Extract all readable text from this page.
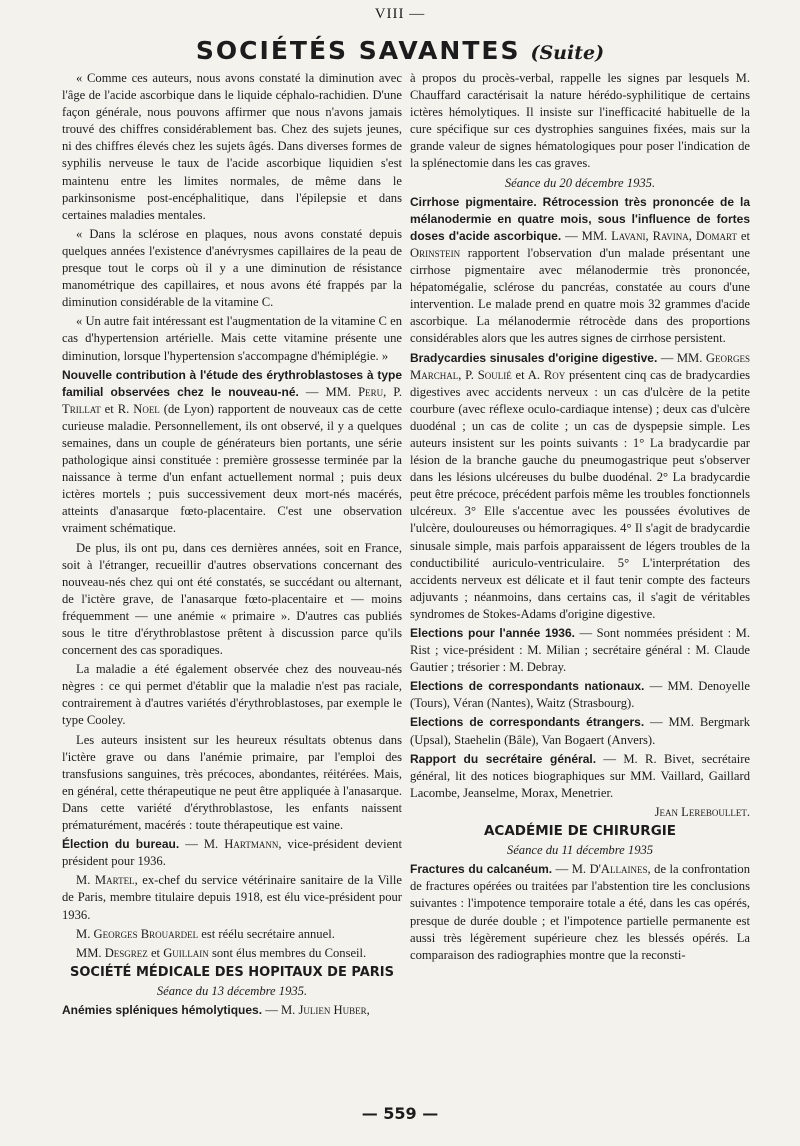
VIII —
SOCIÉTÉS SAVANTES (Suite)

« Comme ces auteurs, nous avons constaté la diminution avec l'âge de l'acide ascorbique dans le liquide céphalo-rachidien. D'une façon générale, nous pouvons affirmer que nous n'avons jamais trouvé des chiffres considérablement bas. Chez des sujets jeunes, ni des chiffres élevés chez les sujets âgés. Dans diverses formes de syphilis nerveuse le taux de l'acide ascorbique liquidien s'est maintenu entre les limites normales, de même dans le parkinsonisme post-encéphalitique, dans l'épilepsie et dans certaines maladies mentales.

« Dans la sclérose en plaques, nous avons constaté depuis quelques années l'existence d'anévrysmes capillaires de la peau de presque tout le corps où il y a une diminution de résistance manométrique des capillaires, et nous avons été frappés par la diminution considérable de la vitamine C.

« Un autre fait intéressant est l'augmentation de la vitamine C en cas d'hypertension artérielle. Mais cette vitamine présente une diminution, lorsque l'hypertension s'accompagne d'hémiplégie. »

Nouvelle contribution à l'étude des érythroblastoses à type familial observées chez le nouveau-né. — MM. Peru, P. Trillat et R. Noel (de Lyon) rapportent de nouveaux cas de cette curieuse maladie. Personnellement, ils ont observé, il y a quelques semaines, dans un couple de générateurs bien portants, une série pathologique ainsi constituée : première grossesse terminée par la naissance à terme d'un enfant actuellement normal ; puis deux ictères mortels ; puis successivement deux mort-nés macérés, atteints d'anasarque fœto-placentaire. C'est une observation vraiment schématique.

De plus, ils ont pu, dans ces dernières années, soit en France, soit à l'étranger, recueillir d'autres observations concernant des nouveau-nés chez qui ont été constatés, se succédant ou alternant, de l'ictère grave, de l'anasarque fœto-placentaire et — moins fréquemment — une anémie « primaire ». D'autres cas publiés sous le titre d'érythroblastose prêtent à discussion parce qu'ils concernent des cas sporadiques.

La maladie a été également observée chez des nouveau-nés nègres : ce qui permet d'établir que la maladie n'est pas raciale, contrairement à d'autres variétés d'érythroblastoses, par exemple le type Cooley.

Les auteurs insistent sur les heureux résultats obtenus dans l'ictère grave ou dans l'anémie primaire, par l'emploi des transfusions sanguines, très précoces, abondantes, réitérées. Mais, en général, cette thérapeutique ne peut être appliquée à l'anasarque. Dans cette variété d'érythroblastose, les enfants naissent prématurément, macérés : toute thérapeutique est vaine.

Élection du bureau. — M. Hartmann, vice-président devient président pour 1936.

M. Martel, ex-chef du service vétérinaire sanitaire de la Ville de Paris, membre titulaire depuis 1918, est élu vice-président pour 1936.

M. Georges Brouardel est réélu secrétaire annuel.

MM. Desgrez et Guillain sont élus membres du Conseil.

SOCIÉTÉ MÉDICALE DES HOPITAUX DE PARIS

Séance du 13 décembre 1935.

Anémies spléniques hémolytiques. — M. Julien Huber,

à propos du procès-verbal, rappelle les signes par lesquels M. Chauffard caractérisait la nature hérédo-syphilitique de certains ictères hémolytiques. Il insiste sur l'inefficacité habituelle de la cure spécifique sur ces dystrophies sanguines fixées, mais sur la grande valeur de signes hématologiques pour poser l'indication de la splénectomie dans les cas graves.

Séance du 20 décembre 1935.

Cirrhose pigmentaire. Rétrocession très prononcée de la mélanodermie en quatre mois, sous l'influence de fortes doses d'acide ascorbique. — MM. Lavani, Ravina, Domart et Orinstein rapportent l'observation d'un malade présentant une cirrhose pigmentaire avec mélanodermie très prononcée, hépatomégalie, sclérose du pancréas, constatée au cours d'une intervention. Le malade prend en quatre mois 32 grammes d'acide ascorbique. La mélanodermie rétrocède dans des proportions considérables alors que les autres signes de cirrhose persistent.

Bradycardies sinusales d'origine digestive. — MM. Georges Marchal, P. Soulié et A. Roy présentent cinq cas de bradycardies digestives avec accidents nerveux : un cas d'ulcère de la petite courbure (avec réflexe oculo-cardiaque intense) ; deux cas d'ulcère duodénal ; un cas de colite ; un cas de dyspepsie simple. Les auteurs insistent sur les points suivants : 1° La bradycardie par lésion de la branche gauche du pneumogastrique peut s'observer dans les lésions ulcéreuses du bulbe duodénal. 2° La bradycardie peut être précoce, précédent parfois même les troubles fonctionnels ulcéreux. 3° Elle s'accentue avec les poussées évolutives de l'ulcère, douloureuses ou hémorragiques. 4° Il s'agit de bradycardie sinusale simple, mais parfois apparaissent de légers troubles de la conductibilité auriculo-ventriculaire. 5° L'interprétation des accidents nerveux est délicate et il faut tenir compte des facteurs adjuvants ; néanmoins, dans certains cas, il s'agit de véritables syndromes de Stokes-Adams d'origine digestive.

Elections pour l'année 1936. — Sont nommées président : M. Rist ; vice-président : M. Milian ; secrétaire général : M. Claude Gautier ; trésorier : M. Debray.

Elections de correspondants nationaux. — MM. Denoyelle (Tours), Véran (Nantes), Waitz (Strasbourg).

Elections de correspondants étrangers. — MM. Bergmark (Upsal), Staehelin (Bâle), Van Bogaert (Anvers).

Rapport du secrétaire général. — M. R. Bivet, secrétaire général, lit des notices biographiques sur MM. Vaillard, Gaillard Lacombe, Jeanselme, Morax, Menetrier.

Jean Lereboullet.

ACADÉMIE DE CHIRURGIE

Séance du 11 décembre 1935

Fractures du calcanéum. — M. D'Allaines, de la confrontation de fractures opérées ou traitées par l'abstention tire les conclusions suivantes : l'impotence temporaire totale a été, dans les cas opérés, presque de durée double ; et l'impotence partielle permanente est aussi très légèrement supérieure chez les blessés opérés. La comparaison des radiographies montre que la reconsti-

— 559 —
